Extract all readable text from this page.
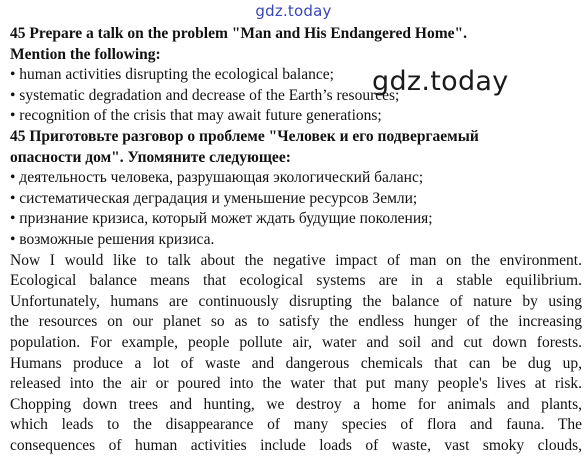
gdz.today
45 Prepare a talk on the problem "Man and His Endangered Home".
Mention the following:
• human activities disrupting the ecological balance;
• systematic degradation and decrease of the Earth’s resources;
• recognition of the crisis that may await future generations;
45 Приготовьте разговор о проблеме "Человек и его подвергаемый
опасности дом". Упомяните следующее:
• деятельность человека, разрушающая экологический баланс;
• систематическая деградация и уменьшение ресурсов Земли;
• признание кризиса, который может ждать будущие поколения;
• возможные решения кризиса.
Now I would like to talk about the negative impact of man on the environment.
Ecological balance means that ecological systems are in a stable equilibrium.
Unfortunately, humans are continuously disrupting the balance of nature by using
the resources on our planet so as to satisfy the endless hunger of the increasing
population. For example, people pollute air, water and soil and cut down forests.
Humans produce a lot of waste and dangerous chemicals that can be dug up,
released into the air or poured into the water that put many people's lives at risk.
Chopping down trees and hunting, we destroy a home for animals and plants,
which leads to the disappearance of many species of flora and fauna. The
consequences of human activities include loads of waste, vast smoky clouds,
gdz.today
